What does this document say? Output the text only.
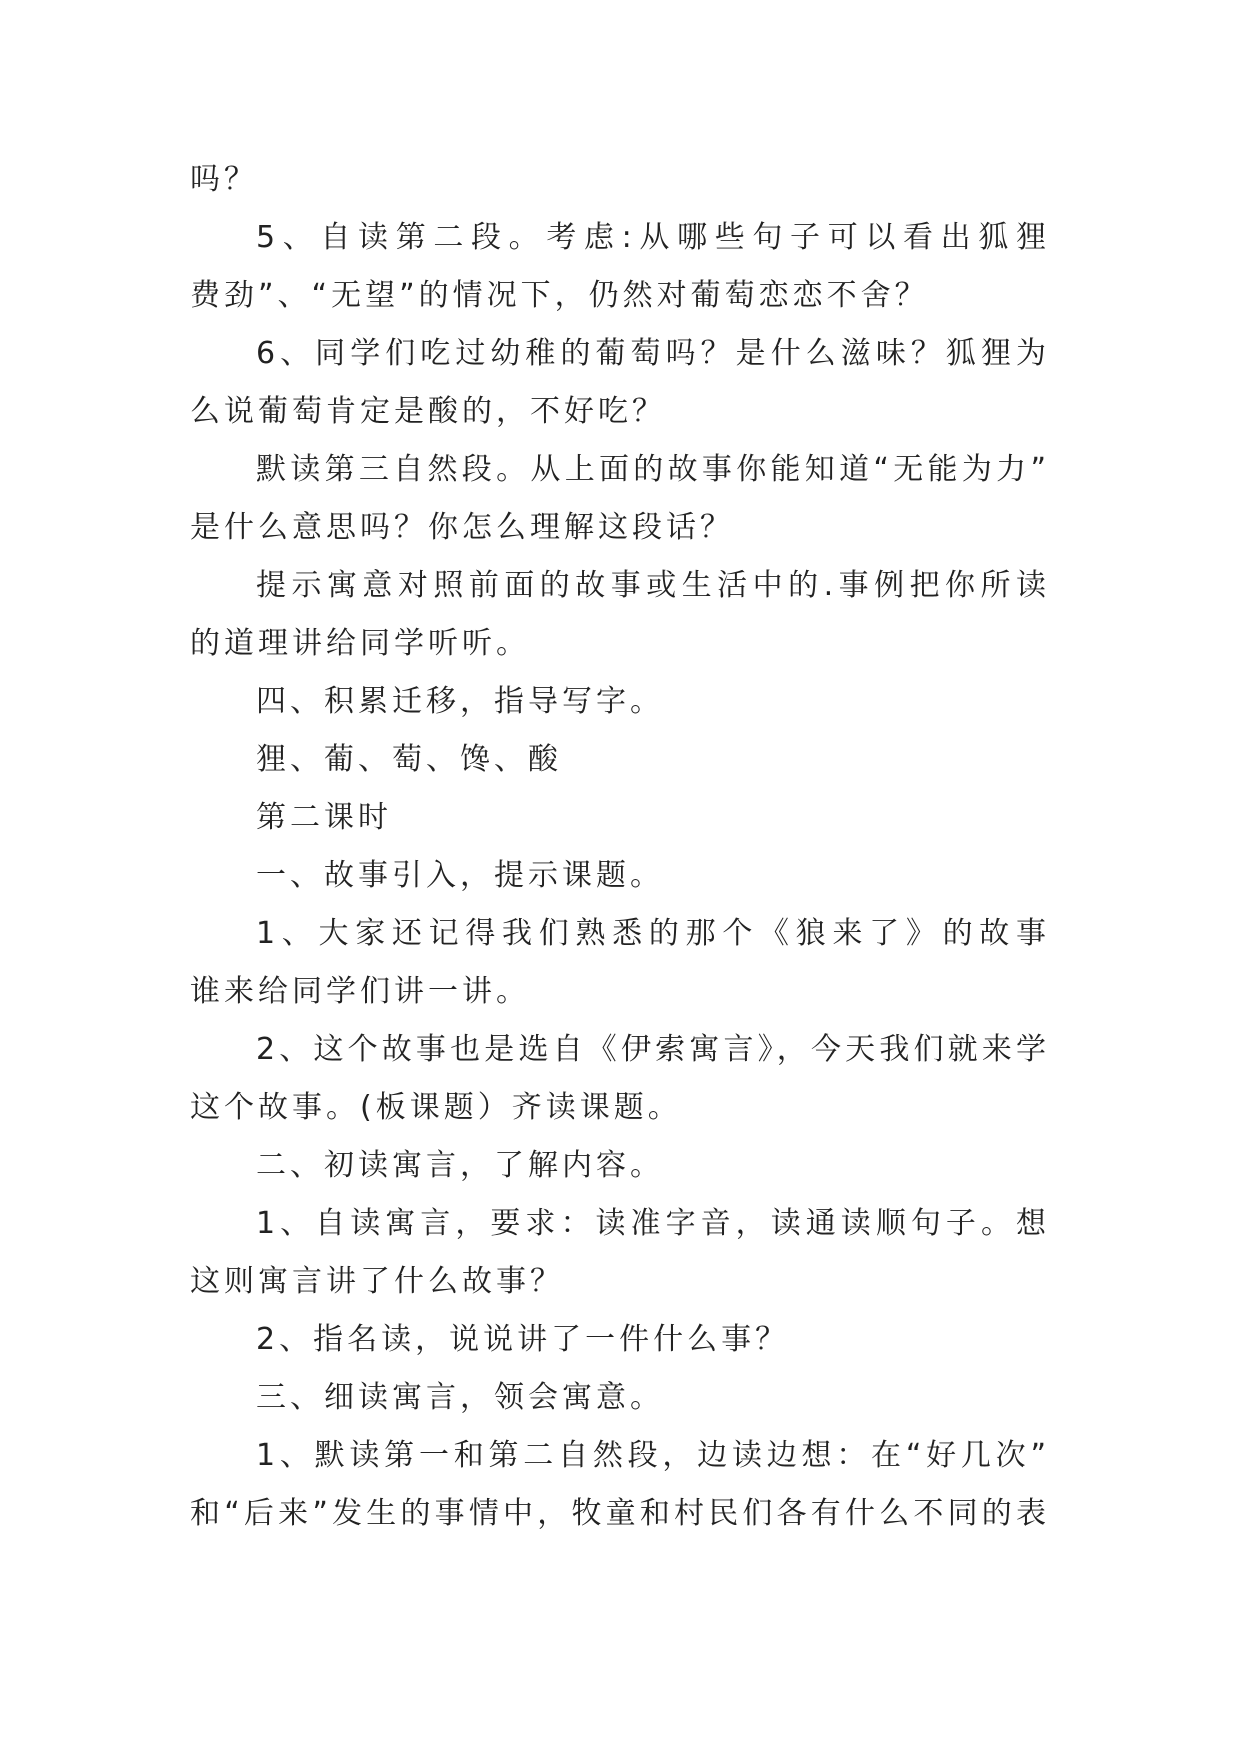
吗？
5、自读第二段。考虑:从哪些句子可以看出狐狸
费劲”、“无望”的情况下，仍然对葡萄恋恋不舍？
6、同学们吃过幼稚的葡萄吗？是什么滋味？狐狸为
么说葡萄肯定是酸的，不好吃？
默读第三自然段。从上面的故事你能知道“无能为力”
是什么意思吗？你怎么理解这段话？
提示寓意对照前面的故事或生活中的.事例把你所读
的道理讲给同学听听。
四、积累迁移，指导写字。
狸、葡、萄、馋、酸
第二课时
一、故事引入，提示课题。
1、大家还记得我们熟悉的那个《狼来了》的故事
谁来给同学们讲一讲。
2、这个故事也是选自《伊索寓言》，今天我们就来学
这个故事。(板课题）齐读课题。
二、初读寓言，了解内容。
1、自读寓言，要求：读准字音，读通读顺句子。想
这则寓言讲了什么故事？
2、指名读，说说讲了一件什么事？
三、细读寓言，领会寓意。
1、默读第一和第二自然段，边读边想：在“好几次”
和“后来”发生的事情中，牧童和村民们各有什么不同的表
